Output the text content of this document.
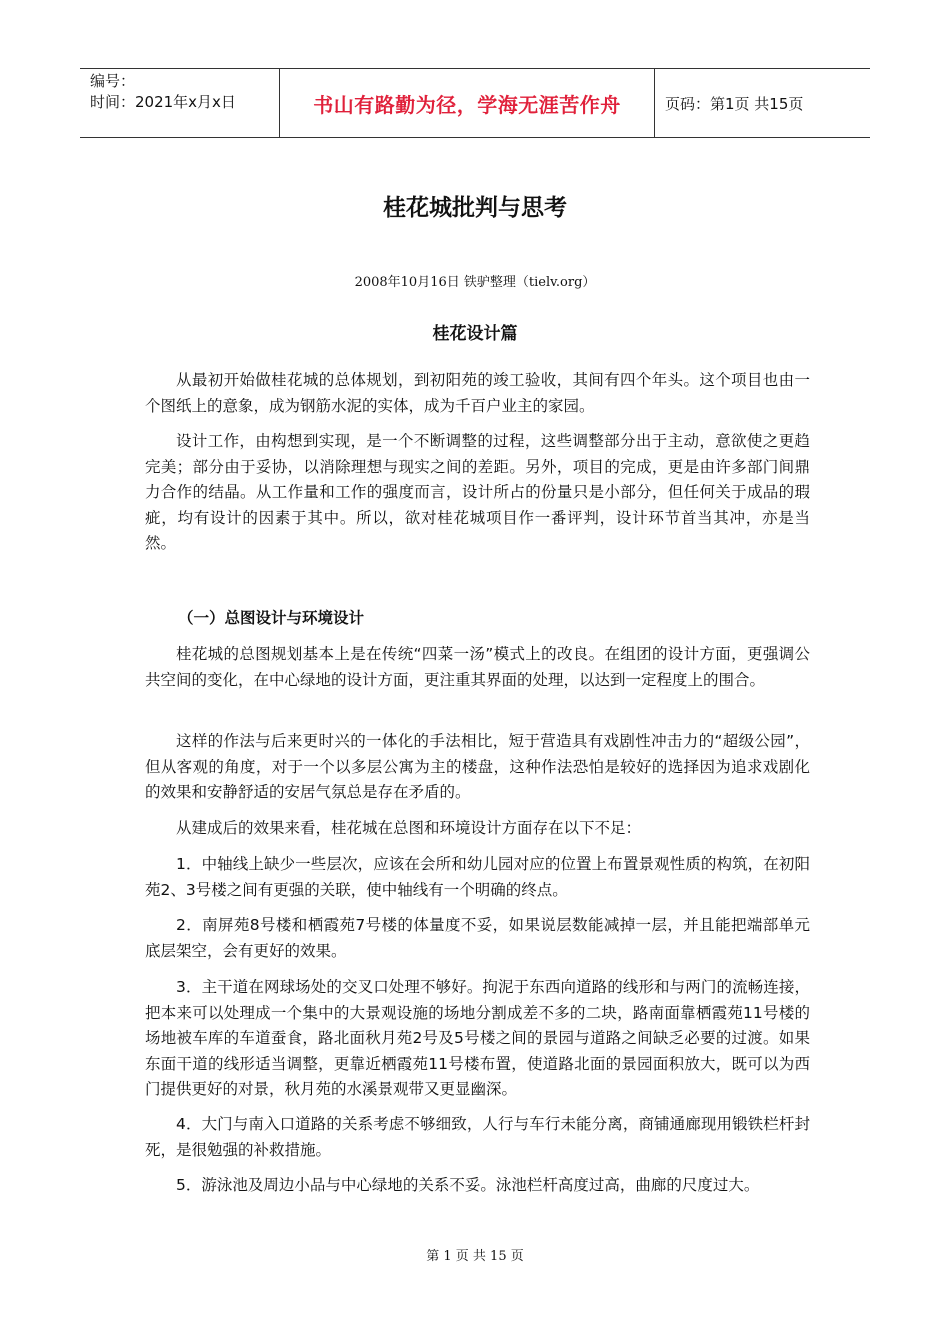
编号：
时间：2021年x月x日	书山有路勤为径，学海无涯苦作舟	页码：第1页 共15页
桂花城批判与思考
2008年10月16日 铁驴整理（tielv.org）
桂花设计篇

从最初开始做桂花城的总体规划，到初阳苑的竣工验收，其间有四个年头。这个项目也由一个图纸上的意象，成为钢筋水泥的实体，成为千百户业主的家园。

设计工作，由构想到实现，是一个不断调整的过程，这些调整部分出于主动，意欲使之更趋完美；部分由于妥协，以消除理想与现实之间的差距。另外，项目的完成，更是由许多部门间鼎力合作的结晶。从工作量和工作的强度而言，设计所占的份量只是小部分，但任何关于成品的瑕疵，均有设计的因素于其中。所以，欲对桂花城项目作一番评判，设计环节首当其冲，亦是当然。

（一）总图设计与环境设计

桂花城的总图规划基本上是在传统“四菜一汤”模式上的改良。在组团的设计方面，更强调公共空间的变化，在中心绿地的设计方面，更注重其界面的处理，以达到一定程度上的围合。

这样的作法与后来更时兴的一体化的手法相比，短于营造具有戏剧性冲击力的“超级公园”，但从客观的角度，对于一个以多层公寓为主的楼盘，这种作法恐怕是较好的选择因为追求戏剧化的效果和安静舒适的安居气氛总是存在矛盾的。

从建成后的效果来看，桂花城在总图和环境设计方面存在以下不足：

1．中轴线上缺少一些层次，应该在会所和幼儿园对应的位置上布置景观性质的构筑，在初阳苑2、3号楼之间有更强的关联，使中轴线有一个明确的终点。

2．南屏苑8号楼和栖霞苑7号楼的体量度不妥，如果说层数能减掉一层，并且能把端部单元底层架空，会有更好的效果。

3．主干道在网球场处的交叉口处理不够好。拘泥于东西向道路的线形和与两门的流畅连接，把本来可以处理成一个集中的大景观设施的场地分割成差不多的二块，路南面靠栖霞苑11号楼的场地被车库的车道蚕食，路北面秋月苑2号及5号楼之间的景园与道路之间缺乏必要的过渡。如果东面干道的线形适当调整，更靠近栖霞苑11号楼布置，使道路北面的景园面积放大，既可以为西门提供更好的对景，秋月苑的水溪景观带又更显幽深。

4．大门与南入口道路的关系考虑不够细致，人行与车行未能分离，商铺通廊现用锻铁栏杆封死，是很勉强的补救措施。

5．游泳池及周边小品与中心绿地的关系不妥。泳池栏杆高度过高，曲廊的尺度过大。

第 1 页 共 15 页
